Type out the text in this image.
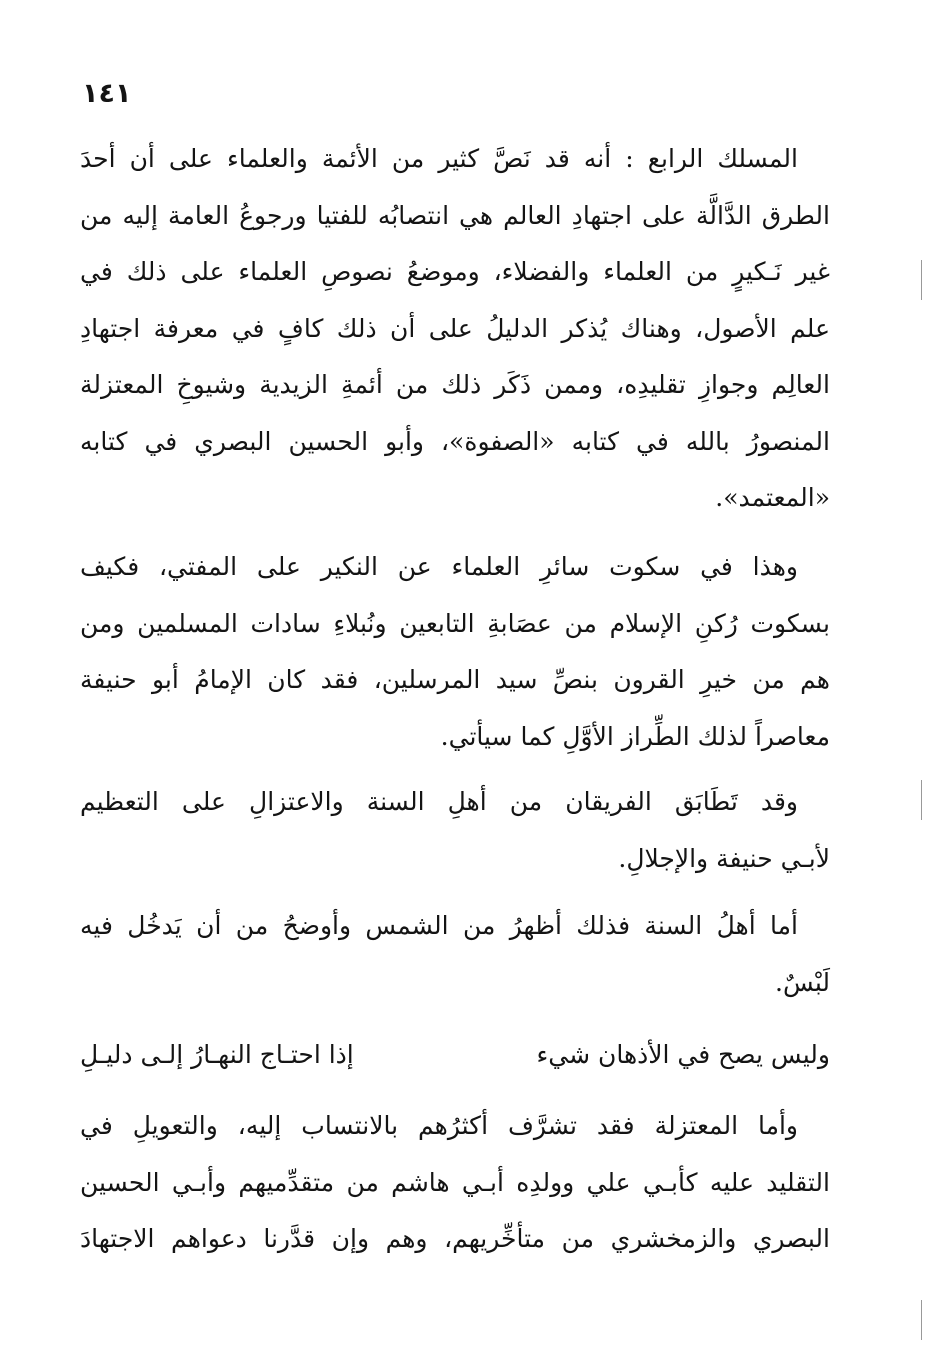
١٤١
المسلك الرابع : أنه قد نَصَّ كثير من الأئمة والعلماء على أن أحدَ
الطرق الدَّالَّة على اجتهادِ العالم هي انتصابُه للفتيا ورجوعُ العامة إليه من
غير نَـكيرٍ من العلماء والفضلاء، وموضعُ نصوصِ العلماء على ذلك في
علم الأصول، وهناك يُذكر الدليلُ على أن ذلك كافٍ في معرفة اجتهادِ
العالِم وجوازِ تقليدِه، وممن ذَكَر ذلك من أئمةِ الزيدية وشيوخِ المعتزلة
المنصورُ بالله في كتابه «الصفوة»، وأبو الحسين البصري في كتابه
«المعتمد».
وهذا في سكوت سائرِ العلماء عن النكير على المفتي، فكيف
بسكوت رُكنِ الإسلام من عصَابةِ التابعين ونُبلاءِ سادات المسلمين ومن
هم من خيرِ القرون بنصِّ سيد المرسلين، فقد كان الإمامُ أبو حنيفة
معاصراً لذلك الطِّراز الأوَّلِ كما سيأتي.
وقد تَطَابَق الفريقان من أهلِ السنة والاعتزالِ على التعظيم
لأبـي حنيفة والإجلالِ.
أما أهلُ السنة فذلك أظهرُ من الشمس وأوضحُ من أن يَدخُل فيه
لَبْسٌ.
وليس يصح في الأذهان شيء
إذا احتـاج النهـارُ إلـى دليـلِ
وأما المعتزلة فقد تشرَّف أكثرُهم بالانتساب إليه، والتعويلِ في
التقليد عليه كأبـي علي وولدِه أبـي هاشم من متقدِّميهم وأبـي الحسين
البصري والزمخشري من متأخِّريهم، وهم وإن قدَّرنا دعواهم الاجتهادَ
